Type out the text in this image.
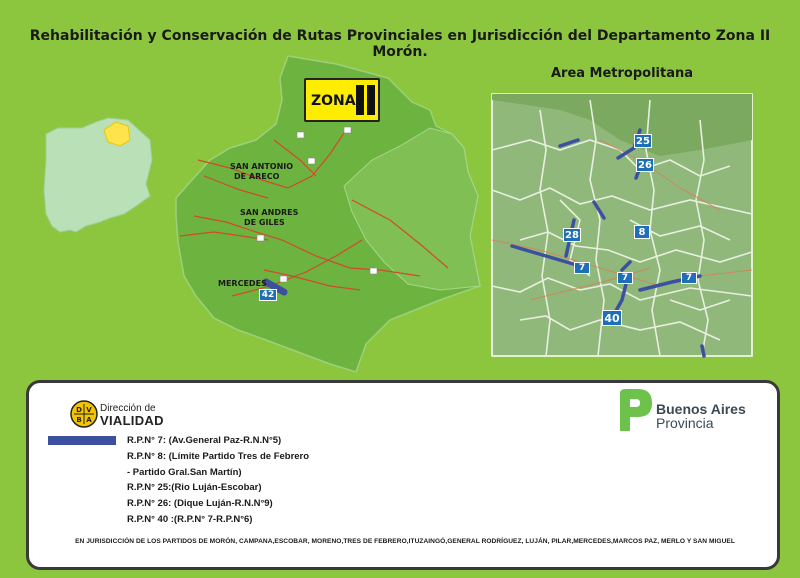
Rehabilitación y Conservación de Rutas Provinciales en Jurisdicción del Departamento Zona II Morón.
Area Metropolitana
ZONA
SAN ANTONIO
DE ARECO
SAN ANDRES
DE GILES
MERCEDES
42
25
26
28	8
7
7	7
40
D V
B A
Dirección de
VIALIDAD
Buenos Aires
Provincia
R.P.N° 7: (Av.General Paz-R.N.N°5)
R.P.N° 8: (Límite Partido Tres de Febrero
- Partido Gral.San Martín)
R.P.N° 25:(Rio Luján-Escobar)
R.P.N° 26: (Dique Luján-R.N.N°9)
R.P.N° 40 :(R.P.N° 7-R.P.N°6)
EN JURISDICCIÓN DE LOS PARTIDOS DE MORÓN, CAMPANA,ESCOBAR, MORENO,TRES DE FEBRERO,ITUZAINGÓ,GENERAL RODRÍGUEZ, LUJÁN, PILAR,MERCEDES,MARCOS PAZ, MERLO Y SAN MIGUEL
